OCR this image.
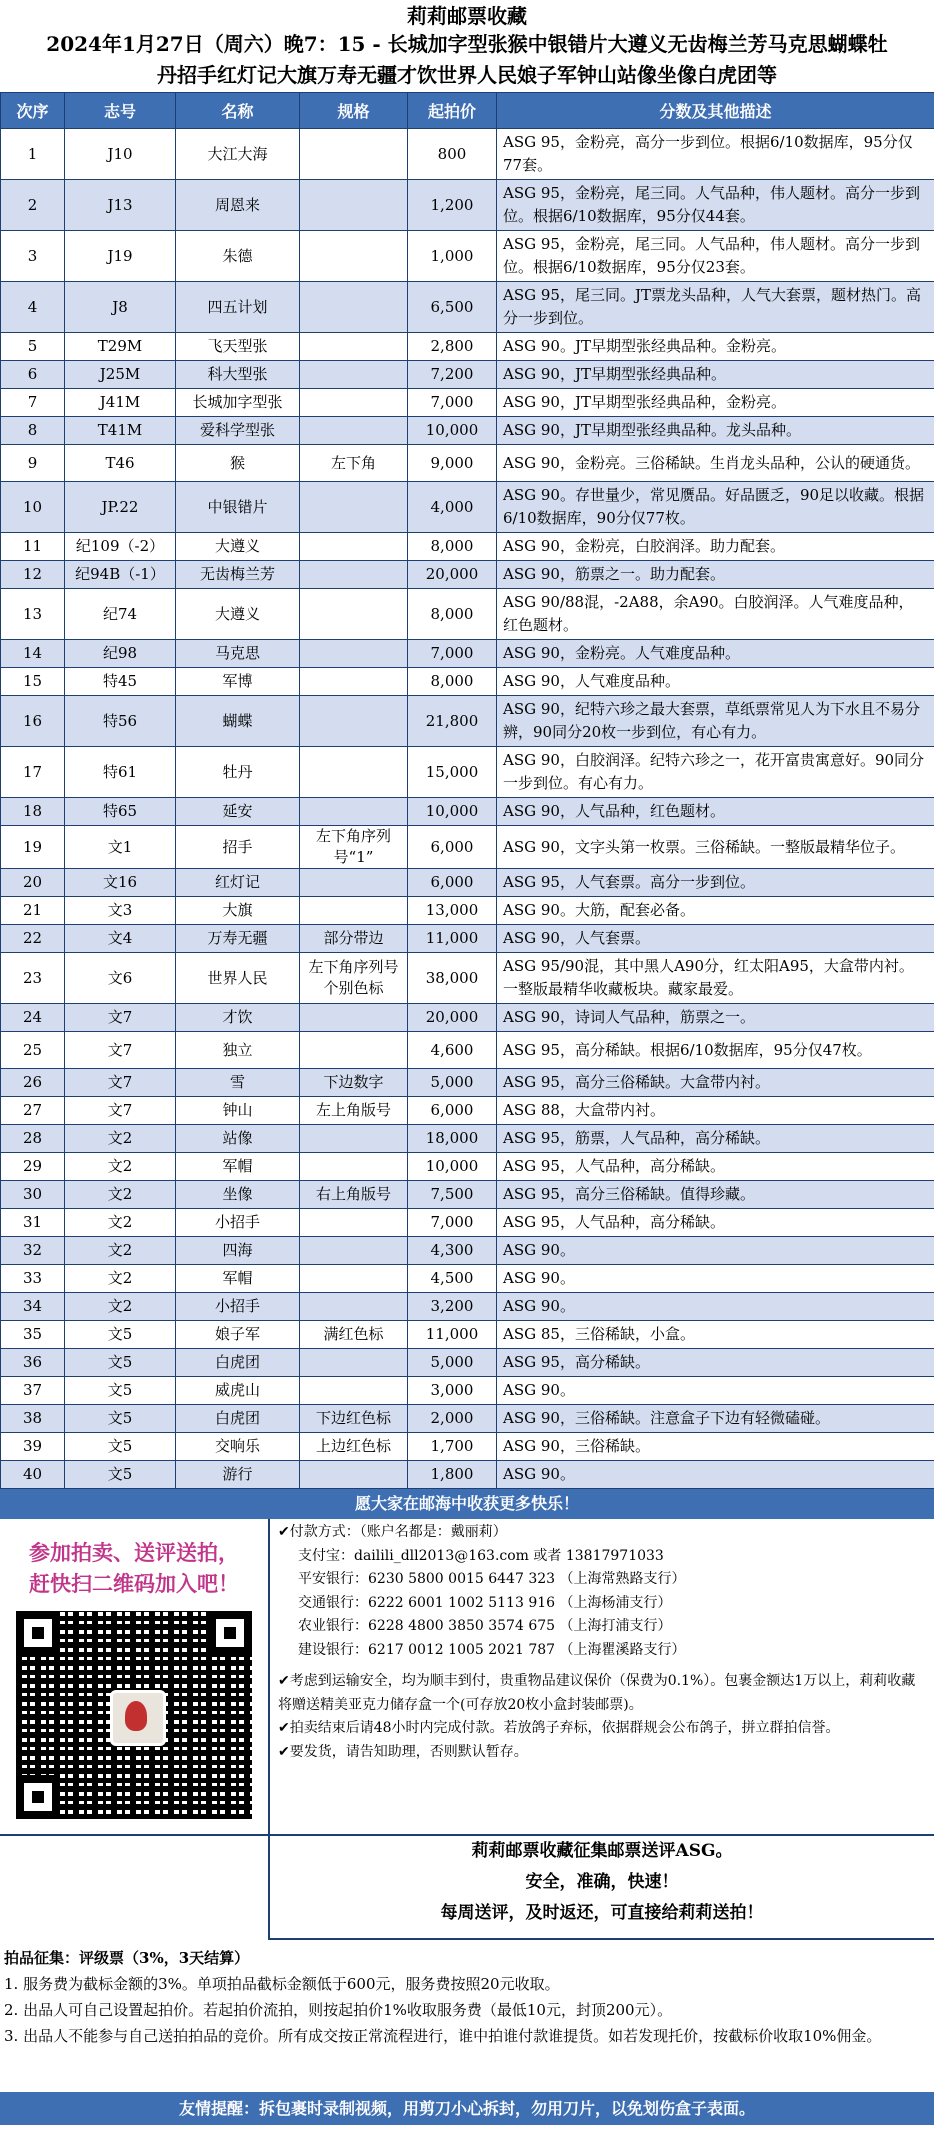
莉莉邮票收藏
2024年1月27日（周六）晚7：15 - 长城加字型张猴中银错片大遵义无齿梅兰芳马克思蝴蝶牡
丹招手红灯记大旗万寿无疆才饮世界人民娘子军钟山站像坐像白虎团等
次序	志号	名称	规格	起拍价	分数及其他描述
1	J10	大江大海		800	ASG 95，金粉亮，高分一步到位。根据6/10数据库，95分仅77套。
2	J13	周恩来		1,200	ASG 95，金粉亮，尾三同。人气品种，伟人题材。高分一步到位。根据6/10数据库，95分仅44套。
3	J19	朱德		1,000	ASG 95，金粉亮，尾三同。人气品种，伟人题材。高分一步到位。根据6/10数据库，95分仅23套。
4	J8	四五计划		6,500	ASG 95，尾三同。JT票龙头品种，人气大套票，题材热门。高分一步到位。
5	T29M	飞天型张		2,800	ASG 90。JT早期型张经典品种。金粉亮。
6	J25M	科大型张		7,200	ASG 90，JT早期型张经典品种。
7	J41M	长城加字型张		7,000	ASG 90，JT早期型张经典品种，金粉亮。
8	T41M	爱科学型张		10,000	ASG 90，JT早期型张经典品种。龙头品种。
9	T46	猴	左下角	9,000	ASG 90，金粉亮。三俗稀缺。生肖龙头品种，公认的硬通货。
10	JP.22	中银错片		4,000	ASG 90。存世量少，常见赝品。好品匮乏，90足以收藏。根据6/10数据库，90分仅77枚。
11	纪109（-2）	大遵义		8,000	ASG 90，金粉亮，白胶润泽。助力配套。
12	纪94B（-1）	无齿梅兰芳		20,000	ASG 90，筋票之一。助力配套。
13	纪74	大遵义		8,000	ASG 90/88混，-2A88，余A90。白胶润泽。人气难度品种，红色题材。
14	纪98	马克思		7,000	ASG 90，金粉亮。人气难度品种。
15	特45	军博		8,000	ASG 90，人气难度品种。
16	特56	蝴蝶		21,800	ASG 90，纪特六珍之最大套票，草纸票常见人为下水且不易分辨，90同分20枚一步到位，有心有力。
17	特61	牡丹		15,000	ASG 90，白胶润泽。纪特六珍之一，花开富贵寓意好。90同分一步到位。有心有力。
18	特65	延安		10,000	ASG 90，人气品种，红色题材。
19	文1	招手	左下角序列号“1”	6,000	ASG 90，文字头第一枚票。三俗稀缺。一整版最精华位子。
20	文16	红灯记		6,000	ASG 95，人气套票。高分一步到位。
21	文3	大旗		13,000	ASG 90。大筋，配套必备。
22	文4	万寿无疆	部分带边	11,000	ASG 90，人气套票。
23	文6	世界人民	左下角序列号个别色标	38,000	ASG 95/90混，其中黑人A90分，红太阳A95，大盒带内衬。一整版最精华收藏板块。藏家最爱。
24	文7	才饮		20,000	ASG 90，诗词人气品种，筋票之一。
25	文7	独立		4,600	ASG 95，高分稀缺。根据6/10数据库，95分仅47枚。
26	文7	雪	下边数字	5,000	ASG 95，高分三俗稀缺。大盒带内衬。
27	文7	钟山	左上角版号	6,000	ASG 88，大盒带内衬。
28	文2	站像		18,000	ASG 95，筋票，人气品种，高分稀缺。
29	文2	军帽		10,000	ASG 95，人气品种，高分稀缺。
30	文2	坐像	右上角版号	7,500	ASG 95，高分三俗稀缺。值得珍藏。
31	文2	小招手		7,000	ASG 95，人气品种，高分稀缺。
32	文2	四海		4,300	ASG 90。
33	文2	军帽		4,500	ASG 90。
34	文2	小招手		3,200	ASG 90。
35	文5	娘子军	满红色标	11,000	ASG 85，三俗稀缺，小盒。
36	文5	白虎团		5,000	ASG 95，高分稀缺。
37	文5	威虎山		3,000	ASG 90。
38	文5	白虎团	下边红色标	2,000	ASG 90，三俗稀缺。注意盒子下边有轻微磕碰。
39	文5	交响乐	上边红色标	1,700	ASG 90，三俗稀缺。
40	文5	游行		1,800	ASG 90。
愿大家在邮海中收获更多快乐！
参加拍卖、送评送拍，
赶快扫二维码加入吧！
✔付款方式：（账户名都是：戴丽莉）
支付宝：dailili_dll2013@163.com 或者 13817971033
平安银行：6230 5800 0015 6447 323 （上海常熟路支行）
交通银行：6222 6001 1002 5113 916 （上海杨浦支行）
农业银行：6228 4800 3850 3574 675 （上海打浦支行）
建设银行：6217 0012 1005 2021 787 （上海瞿溪路支行）
✔考虑到运输安全，均为顺丰到付，贵重物品建议保价（保费为0.1%）。包裹金额达1万以上，莉莉收藏将赠送精美亚克力储存盒一个(可存放20枚小盒封装邮票)。
✔拍卖结束后请48小时内完成付款。若放鸽子弃标，依据群规会公布鸽子，拼立群拍信誉。
✔要发货，请告知助理，否则默认暂存。
莉莉邮票收藏征集邮票送评ASG。
安全，准确，快速！
每周送评，及时返还，可直接给莉莉送拍！
拍品征集：评级票（3%，3天结算）
1. 服务费为截标金额的3%。单项拍品截标金额低于600元，服务费按照20元收取。
2. 出品人可自己设置起拍价。若起拍价流拍，则按起拍价1%收取服务费（最低10元，封顶200元）。
3. 出品人不能参与自己送拍拍品的竞价。所有成交按正常流程进行，谁中拍谁付款谁提货。如若发现托价，按截标价收取10%佣金。
友情提醒：拆包裹时录制视频，用剪刀小心拆封，勿用刀片，以免划伤盒子表面。
